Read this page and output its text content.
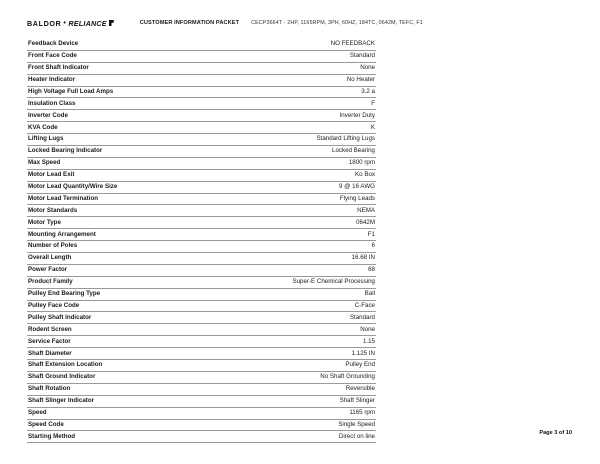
BALDOR • RELIANCE	CUSTOMER INFORMATION PACKET CECP3664T - 2HP, 1165RPM, 3PH, 60HZ, 184TC, 0642M, TEFC, F1
Feedback Device	NO FEEDBACK
Front Face Code	Standard
Front Shaft Indicator	None
Heater Indicator	No Heater
High Voltage Full Load Amps	3.2 a
Insulation Class	F
Inverter Code	Inverter Duty
KVA Code	K
Lifting Lugs	Standard Lifting Lugs
Locked Bearing Indicator	Locked Bearing
Max Speed	1800 rpm
Motor Lead Exit	Ko Box
Motor Lead Quantity/Wire Size	9 @ 16 AWG
Motor Lead Termination	Flying Leads
Motor Standards	NEMA
Motor Type	0642M
Mounting Arrangement	F1
Number of Poles	6
Overall Length	16.68 IN
Power Factor	68
Product Family	Super-E Chemical Processing
Pulley End Bearing Type	Ball
Pulley Face Code	C-Face
Pulley Shaft Indicator	Standard
Rodent Screen	None
Service Factor	1.15
Shaft Diameter	1.125 IN
Shaft Extension Location	Pulley End
Shaft Ground Indicator	No Shaft Grounding
Shaft Rotation	Reversible
Shaft Slinger Indicator	Shaft Slinger
Speed	1165 rpm
Speed Code	Single Speed
Starting Method	Direct on line	Page 3 of 10
